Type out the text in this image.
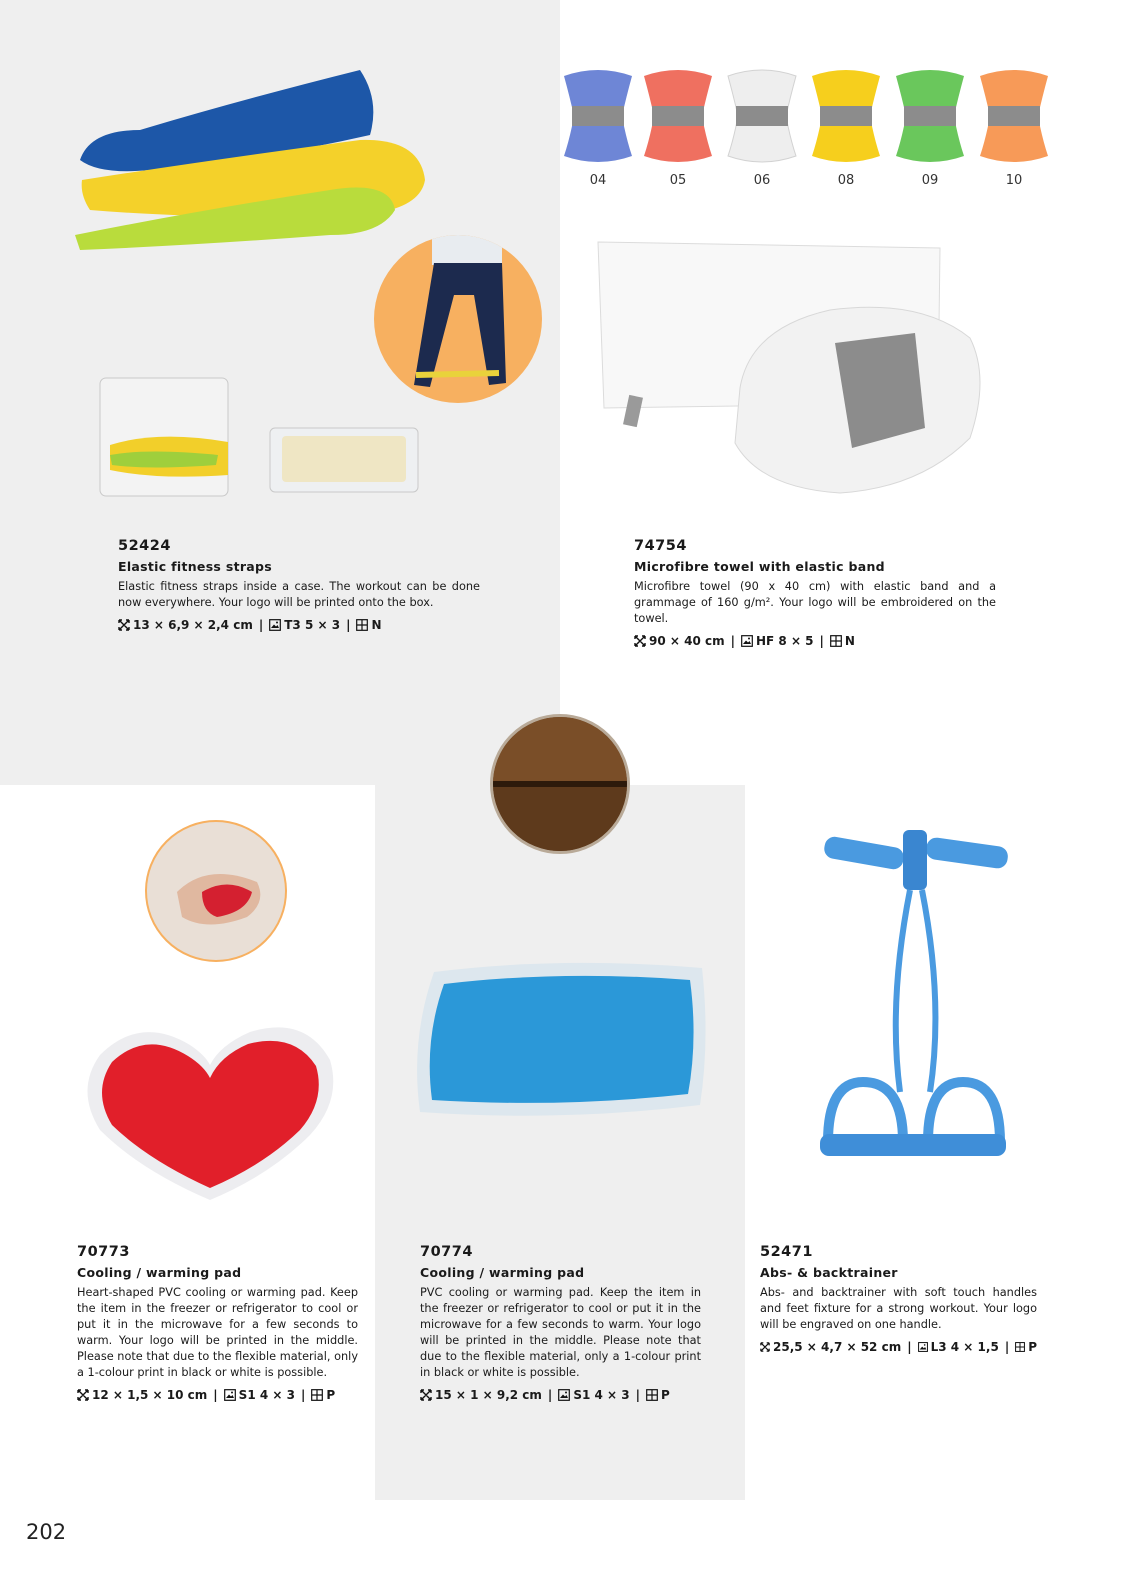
04	05	06	08	09	10
52424
Elastic fitness straps
Elastic fitness straps inside a case. The workout can be done now everywhere. Your logo will be printed onto the box.
13 × 6,9 × 2,4 cm | T3 5 × 3 | N
74754
Microfibre towel with elastic band
Microfibre towel (90 x 40 cm) with elastic band and a grammage of 160 g/m². Your logo will be embroidered on the towel.
90 × 40 cm | HF 8 × 5 | N
70773
Cooling / warming pad
Heart-shaped PVC cooling or warming pad. Keep the item in the freezer or refrigerator to cool or put it in the microwave for a few seconds to warm. Your logo will be printed in the middle. Please note that due to the flexible material, only a 1-colour print in black or white is possible.
12 × 1,5 × 10 cm | S1 4 × 3 | P
70774
Cooling / warming pad
PVC cooling or warming pad. Keep the item in the freezer or refrigerator to cool or put it in the microwave for a few seconds to warm. Your logo will be printed in the middle. Please note that due to the flexible material, only a 1-colour print in black or white is possible.
15 × 1 × 9,2 cm | S1 4 × 3 | P
52471
Abs- & backtrainer
Abs- and backtrainer with soft touch handles and feet fixture for a strong workout. Your logo will be engraved on one handle.
25,5 × 4,7 × 52 cm | L3 4 × 1,5 | P
202
